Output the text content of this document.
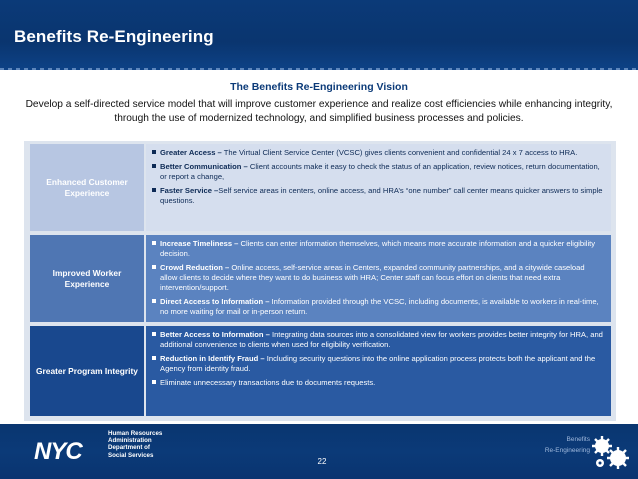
Benefits Re-Engineering
The Benefits Re-Engineering Vision
Develop a self-directed service model that will improve customer experience and realize cost efficiencies while enhancing integrity, through the use of modernized technology, and simplified business processes and policies.
Enhanced Customer Experience
Greater Access – The Virtual Client Service Center (VCSC) gives clients convenient and confidential 24 x 7 access to HRA.
Better Communication – Client accounts make it easy to check the status of an application, review notices, return documentation, or report a change,
Faster Service –Self service areas in centers, online access, and HRA’s “one number” call center means quicker answers to simple questions.
Improved Worker Experience
Increase Timeliness – Clients can enter information themselves, which means more accurate information and a quicker eligibility decision.
Crowd Reduction – Online access, self-service areas in Centers, expanded community partnerships, and a citywide caseload allow clients to decide where they want to do business with HRA; Center staff can focus effort on clients that need extra intervention/support.
Direct Access to Information – Information provided through the VCSC, including documents, is available to workers in real-time, no more waiting for mail or in-person return.
Greater Program Integrity
Better Access to Information – Integrating data sources into a consolidated view for workers provides better integrity for HRA, and additional convenience to clients when used for eligibility verification.
Reduction in Identify Fraud – Including security questions into the online application process protects both the applicant and the Agency from identity fraud.
Eliminate unnecessary transactions due to documents requests.
NYC
Human Resources
Administration
Department of
Social Services
22
Benefits
Re-Engineering
